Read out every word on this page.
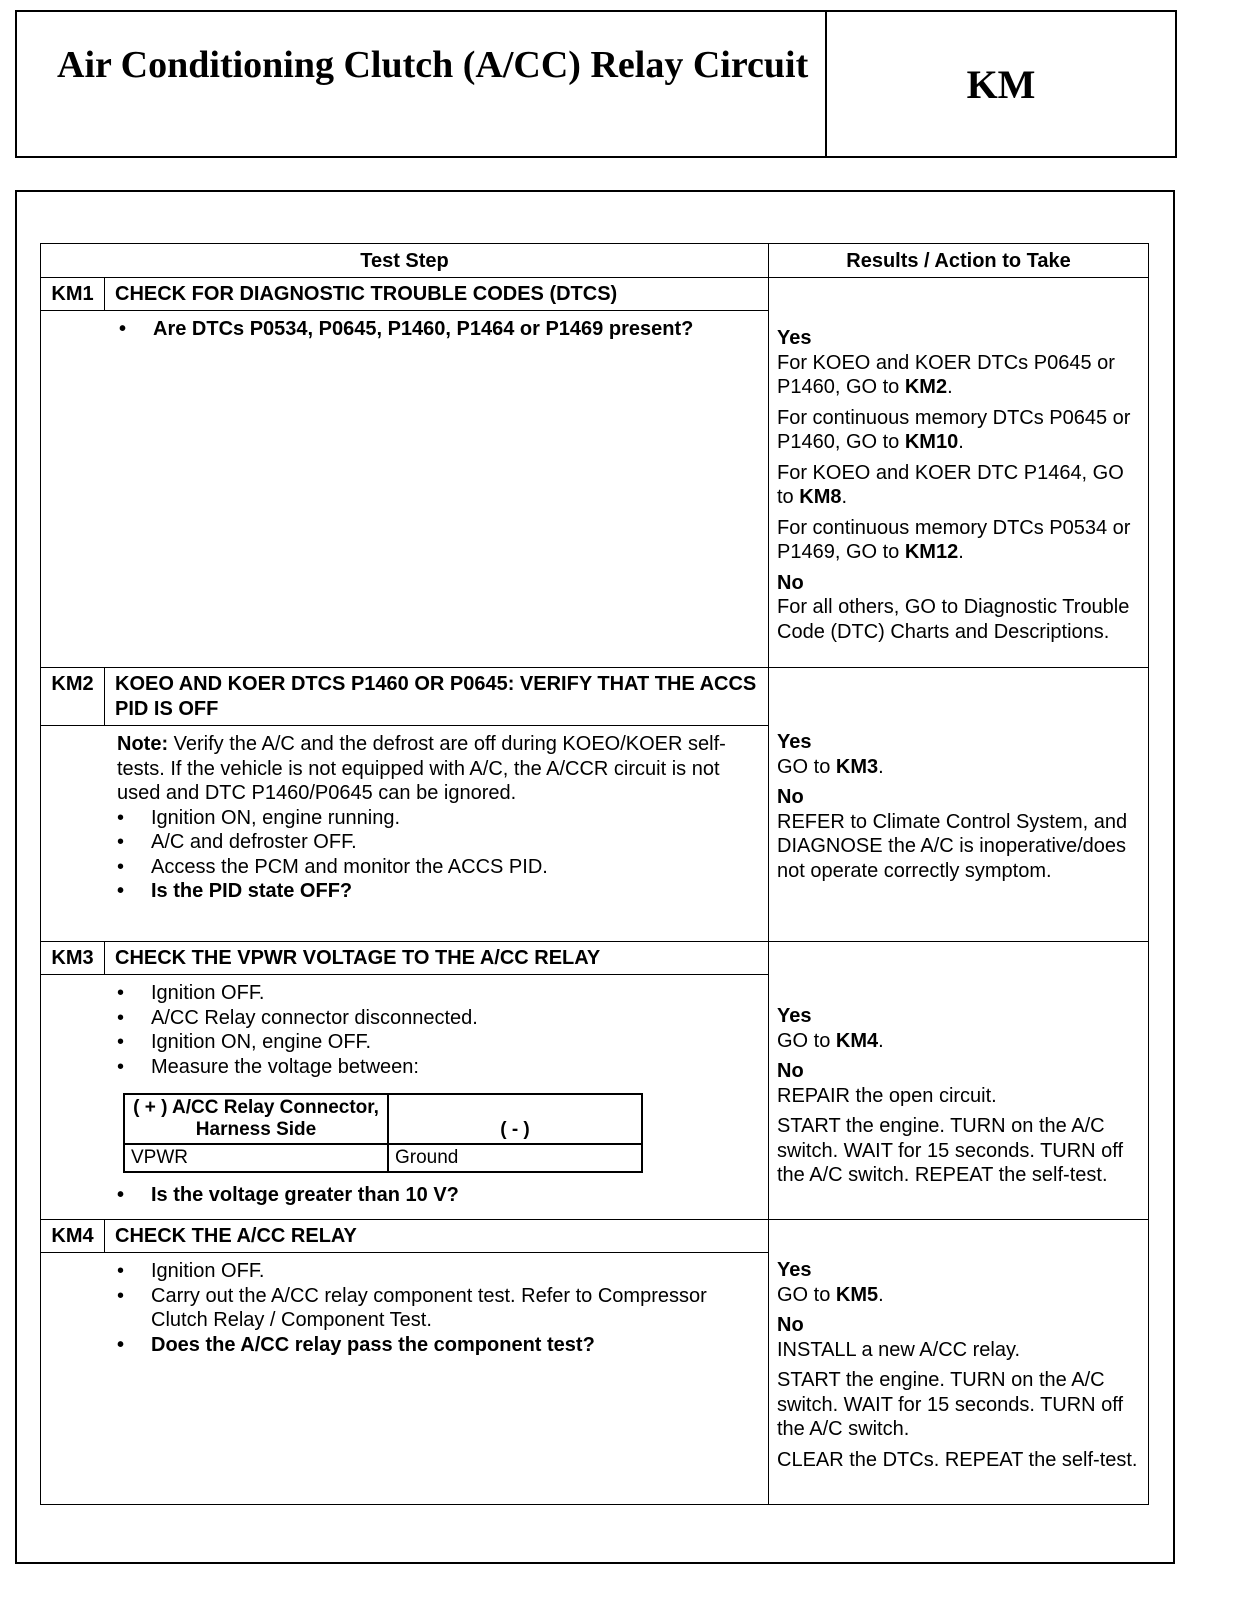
Air Conditioning Clutch (A/CC) Relay Circuit	KM
Test Step	Results / Action to Take
KM1	CHECK FOR DIAGNOSTIC TROUBLE CODES (DTCS)
• Are DTCs P0534, P0645, P1460, P1464 or P1469 present?	Yes

For KOEO and KOER DTCs P0645 or P1460, GO to KM2.

For continuous memory DTCs P0645 or P1460, GO to KM10.

For KOEO and KOER DTC P1464, GO to KM8.

For continuous memory DTCs P0534 or P1469, GO to KM12.

No

For all others, GO to Diagnostic Trouble Code (DTC) Charts and Descriptions.

KM2	KOEO AND KOER DTCS P1460 OR P0645: VERIFY THAT THE ACCS PID IS OFF
Note: Verify the A/C and the defrost are off during KOEO/KOER self-tests. If the vehicle is not equipped with A/C, the A/CCR circuit is not used and DTC P1460/P0645 can be ignored.
• Ignition ON, engine running.
• A/C and defroster OFF.
• Access the PCM and monitor the ACCS PID.
• Is the PID state OFF?

Yes

GO to KM3.

No

REFER to Climate Control System, and DIAGNOSE the A/C is inoperative/does not operate correctly symptom.

KM3	CHECK THE VPWR VOLTAGE TO THE A/CC RELAY
• Ignition OFF.
• A/CC Relay connector disconnected.
• Ignition ON, engine OFF.
• Measure the voltage between:
( + ) A/CC Relay Connector, Harness Side	( - )
VPWR	Ground
• Is the voltage greater than 10 V?

Yes

GO to KM4.

No

REPAIR the open circuit.

START the engine. TURN on the A/C switch. WAIT for 15 seconds. TURN off the A/C switch. REPEAT the self-test.

KM4	CHECK THE A/CC RELAY
• Ignition OFF.
• Carry out the A/CC relay component test. Refer to Compressor Clutch Relay / Component Test.
• Does the A/CC relay pass the component test?

Yes

GO to KM5.

No

INSTALL a new A/CC relay.

START the engine. TURN on the A/C switch. WAIT for 15 seconds. TURN off the A/C switch.

CLEAR the DTCs. REPEAT the self-test.
